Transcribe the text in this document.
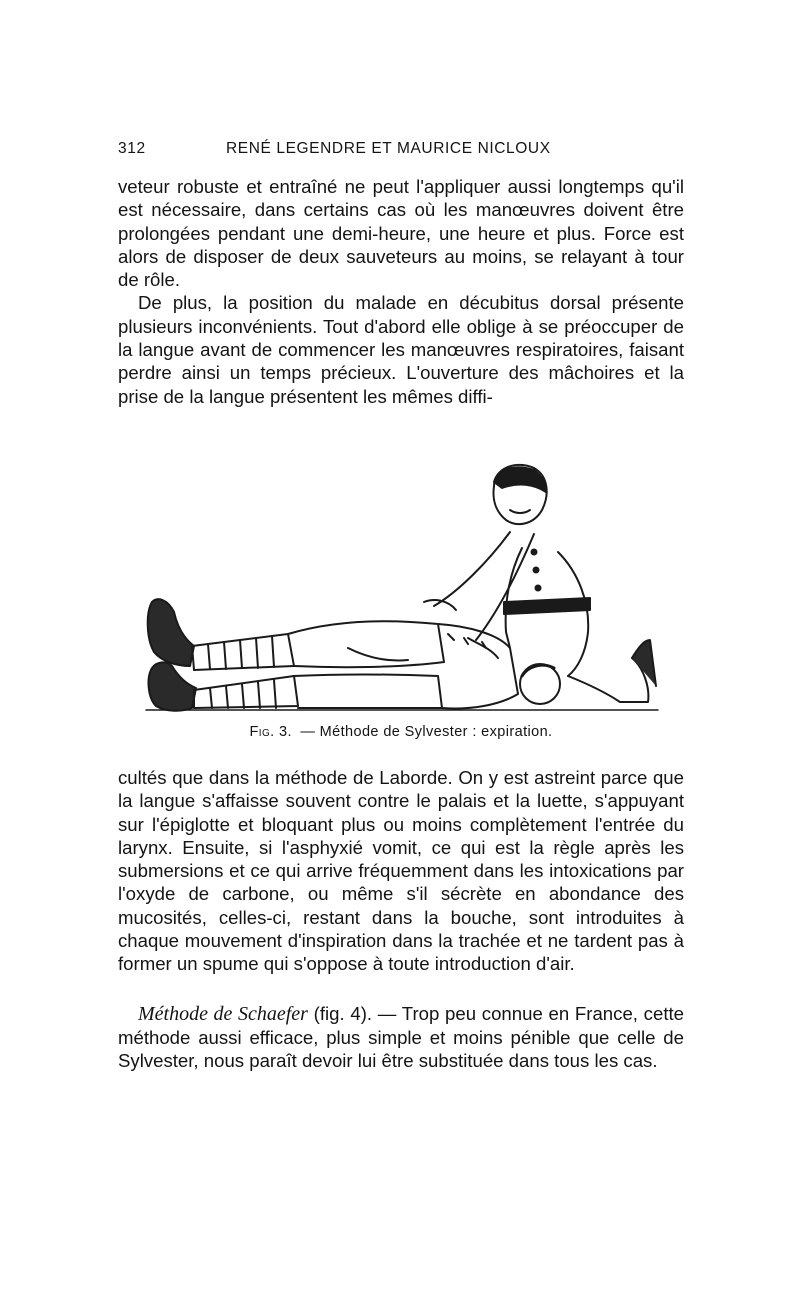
312	RENÉ LEGENDRE ET MAURICE NICLOUX

veteur robuste et entraîné ne peut l'appliquer aussi longtemps qu'il est nécessaire, dans certains cas où les manœuvres doivent être prolongées pendant une demi-heure, une heure et plus. Force est alors de disposer de deux sauveteurs au moins, se relayant à tour de rôle.

De plus, la position du malade en décubitus dorsal présente plusieurs inconvénients. Tout d'abord elle oblige à se préoccuper de la langue avant de commencer les manœuvres respiratoires, faisant perdre ainsi un temps précieux. L'ouverture des mâchoires et la prise de la langue présentent les mêmes diffi-

Fig. 3. — Méthode de Sylvester : expiration.

cultés que dans la méthode de Laborde. On y est astreint parce que la langue s'affaisse souvent contre le palais et la luette, s'appuyant sur l'épiglotte et bloquant plus ou moins complètement l'entrée du larynx. Ensuite, si l'asphyxié vomit, ce qui est la règle après les submersions et ce qui arrive fréquemment dans les intoxications par l'oxyde de carbone, ou même s'il sécrète en abondance des mucosités, celles-ci, restant dans la bouche, sont introduites à chaque mouvement d'inspiration dans la trachée et ne tardent pas à former un spume qui s'oppose à toute introduction d'air.

Méthode de Schaefer (fig. 4). — Trop peu connue en France, cette méthode aussi efficace, plus simple et moins pénible que celle de Sylvester, nous paraît devoir lui être substituée dans tous les cas.
